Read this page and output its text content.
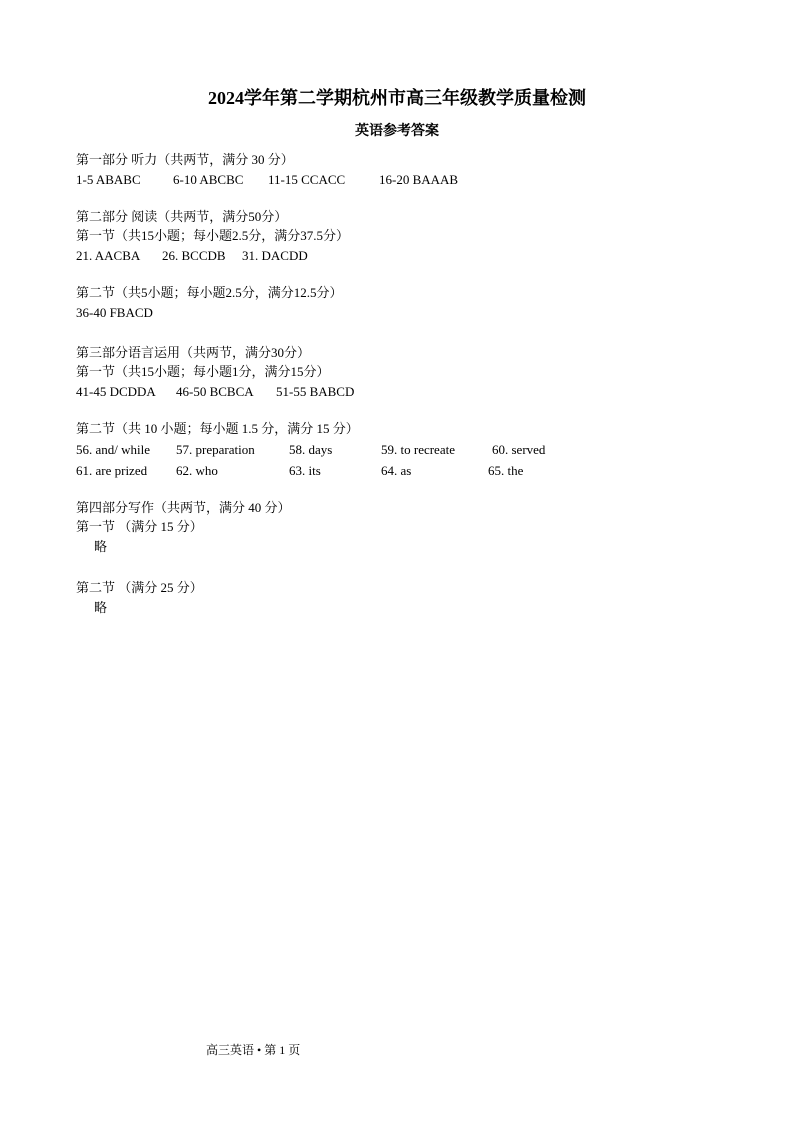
2024学年第二学期杭州市高三年级教学质量检测
英语参考答案
第一部分 听力（共两节，满分 30 分）
1-5 ABABC 6-10 ABCBC 11-15 CCACC	16-20 BAAAB
第二部分 阅读（共两节，满分50分）
第一节（共15小题；每小题2.5分，满分37.5分）
21. AACBA 26. BCCDB 31. DACDD
第二节（共5小题；每小题2.5分，满分12.5分）
36-40 FBACD
第三部分语言运用（共两节，满分30分）
第一节（共15小题；每小题1分，满分15分）
41-45 DCDDA 46-50 BCBCA 51-55 BABCD
第二节（共 10 小题；每小题 1.5 分，满分 15 分）
56. and/ while 57. preparation	58. days	59. to recreate	60. served
61. are prized 62. who	63. its	64. as	65. the
第四部分写作（共两节，满分 40 分）
第一节 （满分 15 分）
略
第二节 （满分 25 分）
略
高三英语 • 第 1 页
